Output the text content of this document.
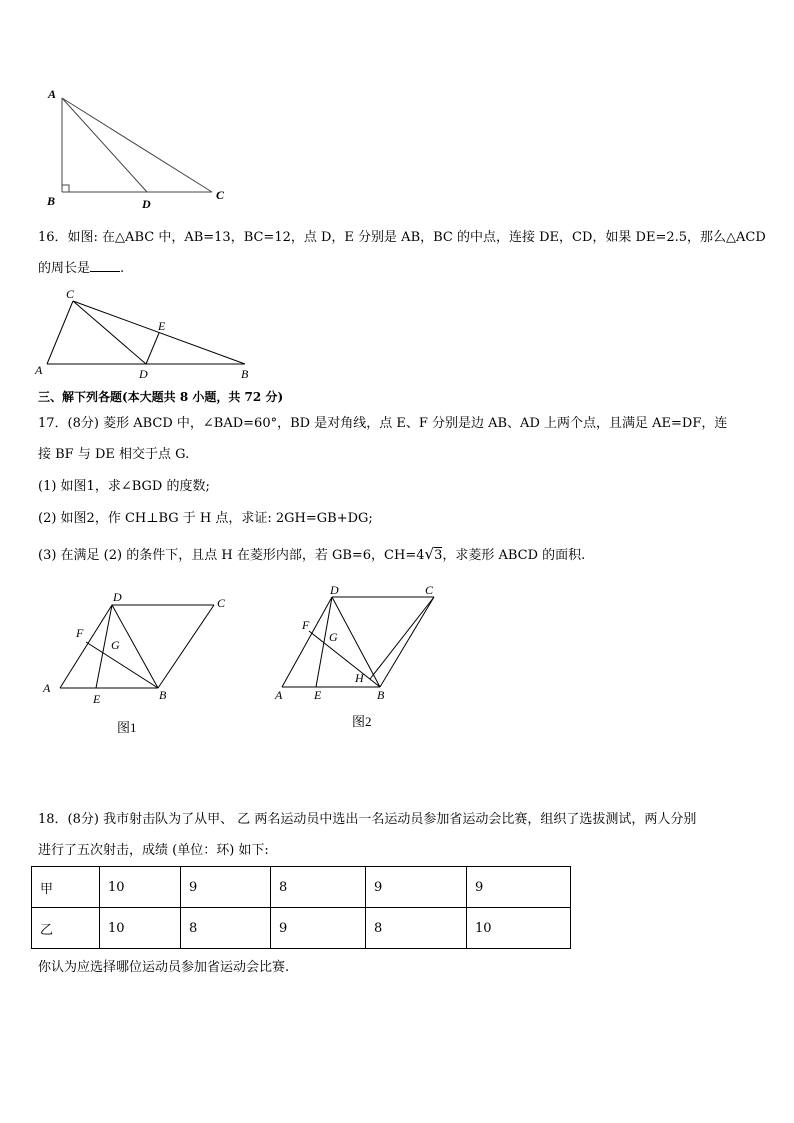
A
B	C
D
16．如图: 在△ABC 中，AB=13，BC=12，点 D，E 分别是 AB，BC 的中点，连接 DE，CD，如果 DE=2.5，那么△ACD
的周长是 .
C
E
A	D	B
三、解下列各题(本大题共 8 小题，共 72 分)
17．(8分) 菱形 ABCD 中，∠BAD=60°，BD 是对角线，点 E、F 分别是边 AB、AD 上两个点，且满足 AE=DF，连
接 BF 与 DE 相交于点 G.
(1) 如图1，求∠BGD 的度数;
(2) 如图2，作 CH⊥BG 于 H 点，求证: 2GH=GB+DG;
(3) 在满足 (2) 的条件下，且点 H 在菱形内部，若 GB=6，CH=4√3，求菱形 ABCD 的面积.
D	C
F
G
A
E	B
图1
D	C
F
G
H
A	E	B
图2
18．(8分) 我市射击队为了从甲、 乙 两名运动员中选出一名运动员参加省运动会比赛，组织了选拔测试，两人分别
进行了五次射击，成绩 (单位：环) 如下:
甲	10	9	8	9	9
乙	10	8	9	8	10
你认为应选择哪位运动员参加省运动会比赛.
